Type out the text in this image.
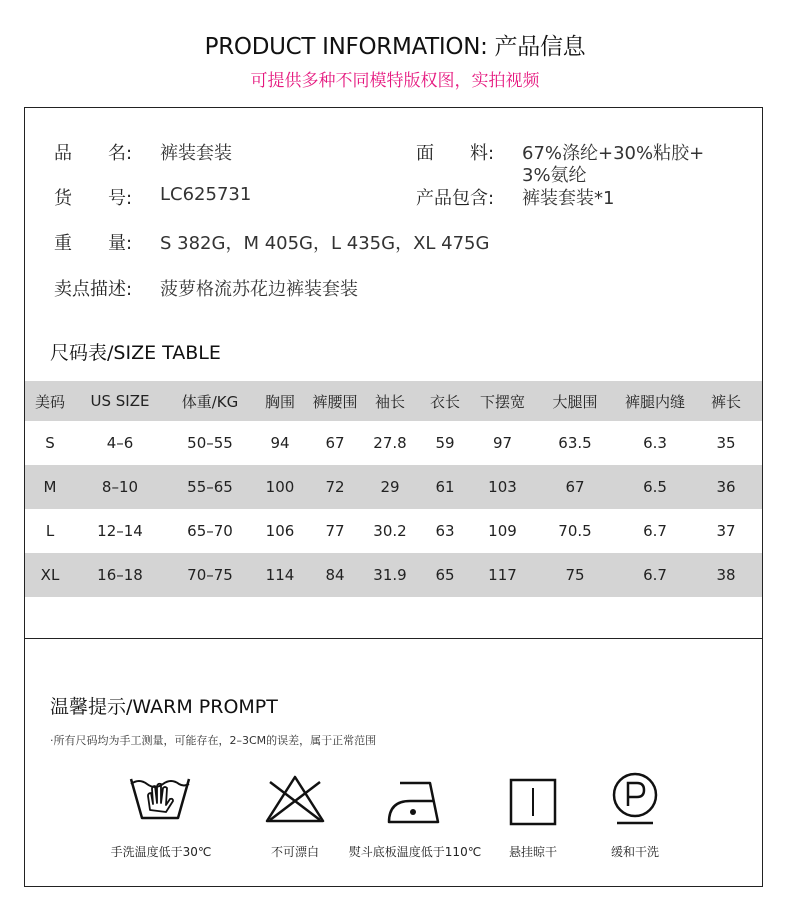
PRODUCT INFORMATION: 产品信息
可提供多种不同模特版权图，实拍视频
品　　名: 裤装套装	面　　料: 67%涤纶+30%粘胶+
3%氨纶
货　　号: LC625731	产品包含: 裤装套装*1
重　　量: S 382G，M 405G，L 435G，XL 475G
卖点描述: 菠萝格流苏花边裤装套装
尺码表/SIZE TABLE
美码	US SIZE	体重/KG	胸围	裤腰围	袖长	衣长	下摆宽	大腿围	裤腿内缝	裤长
S	4–6	50–55	94	67	27.8	59	97	63.5	6.3	35
M	8–10	55–65	100	72	29	61	103	67	6.5	36
L	12–14	65–70	106	77	30.2	63	109	70.5	6.7	37
XL	16–18	70–75	114	84	31.9	65	117	75	6.7	38
温馨提示/WARM PROMPT
·所有尺码均为手工测量，可能存在，2–3CM的误差，属于正常范围
手洗温度低于30℃	不可漂白	熨斗底板温度低于110℃	悬挂晾干	缓和干洗
